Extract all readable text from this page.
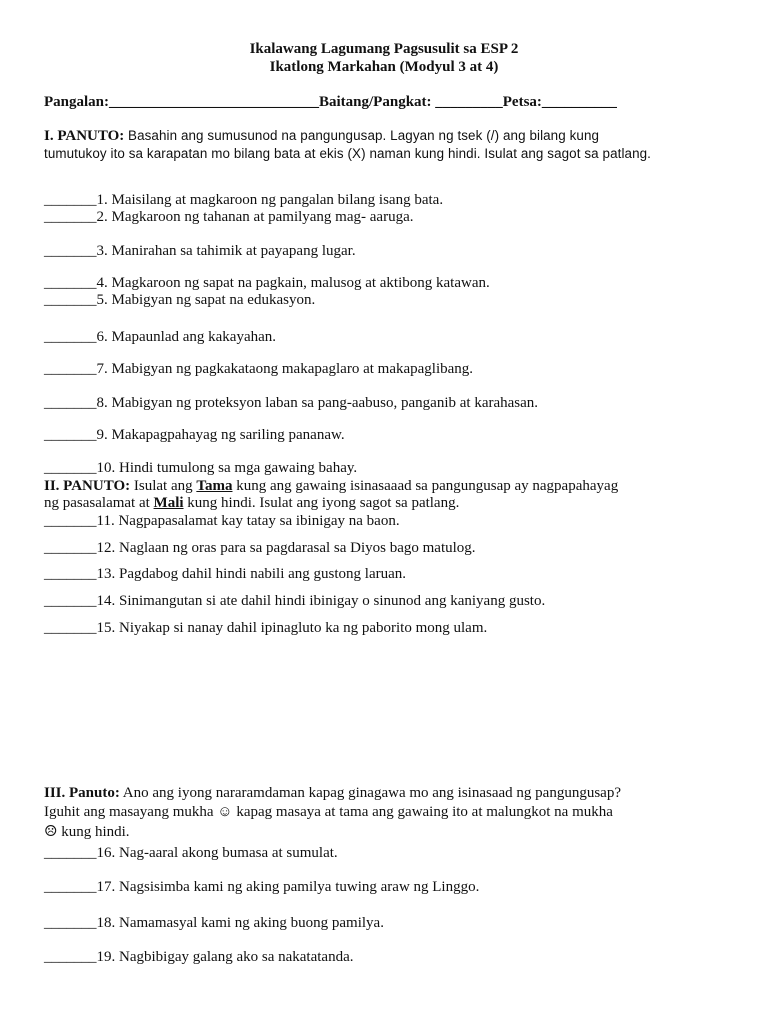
Ikalawang Lagumang Pagsusulit sa ESP 2
Ikatlong Markahan (Modyul 3 at 4)
Pangalan:____________________________Baitang/Pangkat: _________Petsa:__________
I. PANUTO: Basahin ang sumusunod na pangungusap. Lagyan ng tsek (/) ang bilang kung
tumutukoy ito sa karapatan mo bilang bata at ekis (X) naman kung hindi. Isulat ang sagot sa patlang.
_______1. Maisilang at magkaroon ng pangalan bilang isang bata.
_______2. Magkaroon ng tahanan at pamilyang mag- aaruga.
_______3. Manirahan sa tahimik at payapang lugar.
_______4. Magkaroon ng sapat na pagkain, malusog at aktibong katawan.
_______5. Mabigyan ng sapat na edukasyon.
_______6. Mapaunlad ang kakayahan.
_______7. Mabigyan ng pagkakataong makapaglaro at makapaglibang.
_______8. Mabigyan ng proteksyon laban sa pang-aabuso, panganib at karahasan.
_______9. Makapagpahayag ng sariling pananaw.
_______10. Hindi tumulong sa mga gawaing bahay.
II. PANUTO: Isulat ang Tama kung ang gawaing isinasaaad sa pangungusap ay nagpapahayag
ng pasasalamat at Mali kung hindi. Isulat ang iyong sagot sa patlang.
_______11. Nagpapasalamat kay tatay sa ibinigay na baon.
_______12. Naglaan ng oras para sa pagdarasal sa Diyos bago matulog.
_______13. Pagdabog dahil hindi nabili ang gustong laruan.
_______14. Sinimangutan si ate dahil hindi ibinigay o sinunod ang kaniyang gusto.
_______15. Niyakap si nanay dahil ipinagluto ka ng paborito mong ulam.
III. Panuto: Ano ang iyong nararamdaman kapag ginagawa mo ang isinasaad ng pangungusap?
Iguhit ang masayang mukha ☺ kapag masaya at tama ang gawaing ito at malungkot na mukha
☹ kung hindi.
_______16. Nag-aaral akong bumasa at sumulat.
_______17. Nagsisimba kami ng aking pamilya tuwing araw ng Linggo.
_______18. Namamasyal kami ng aking buong pamilya.
_______19. Nagbibigay galang ako sa nakatatanda.
